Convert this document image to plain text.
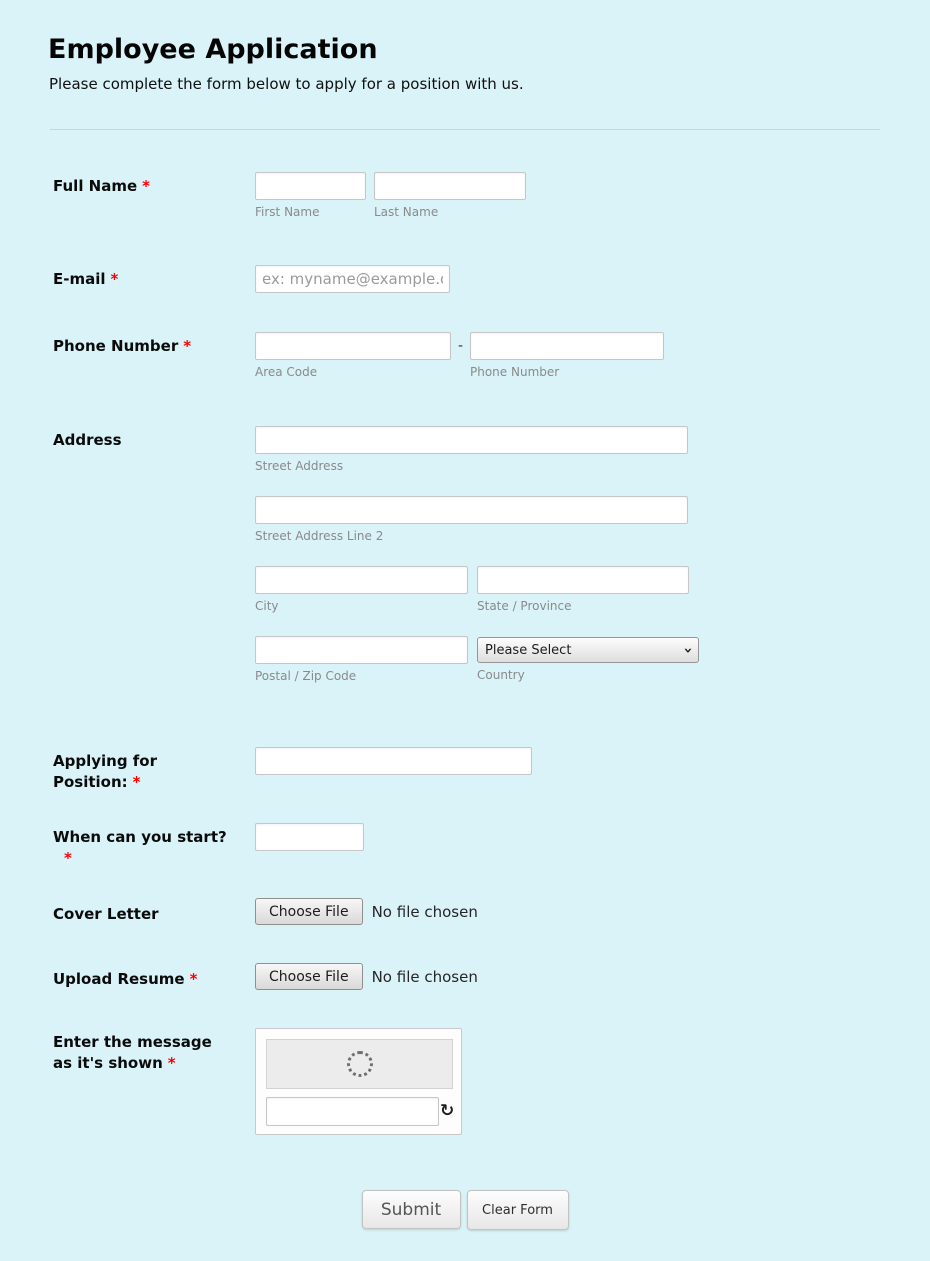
Employee Application

Please complete the form below to apply for a position with us.

Full Name *
First Name	Last Name
E-mail *
ex: myname@example.com
Phone Number *
Area Code
-
Phone Number
Address
Street Address
Street Address Line 2
City	State / Province
Postal / Zip Code
Please Select	›
Country
Applying for
Position: *
When can you start?
*
Cover Letter	Choose File	No file chosen
Upload Resume *	Choose File	No file chosen
Enter the message
as it's shown *
↻
Submit	Clear Form
